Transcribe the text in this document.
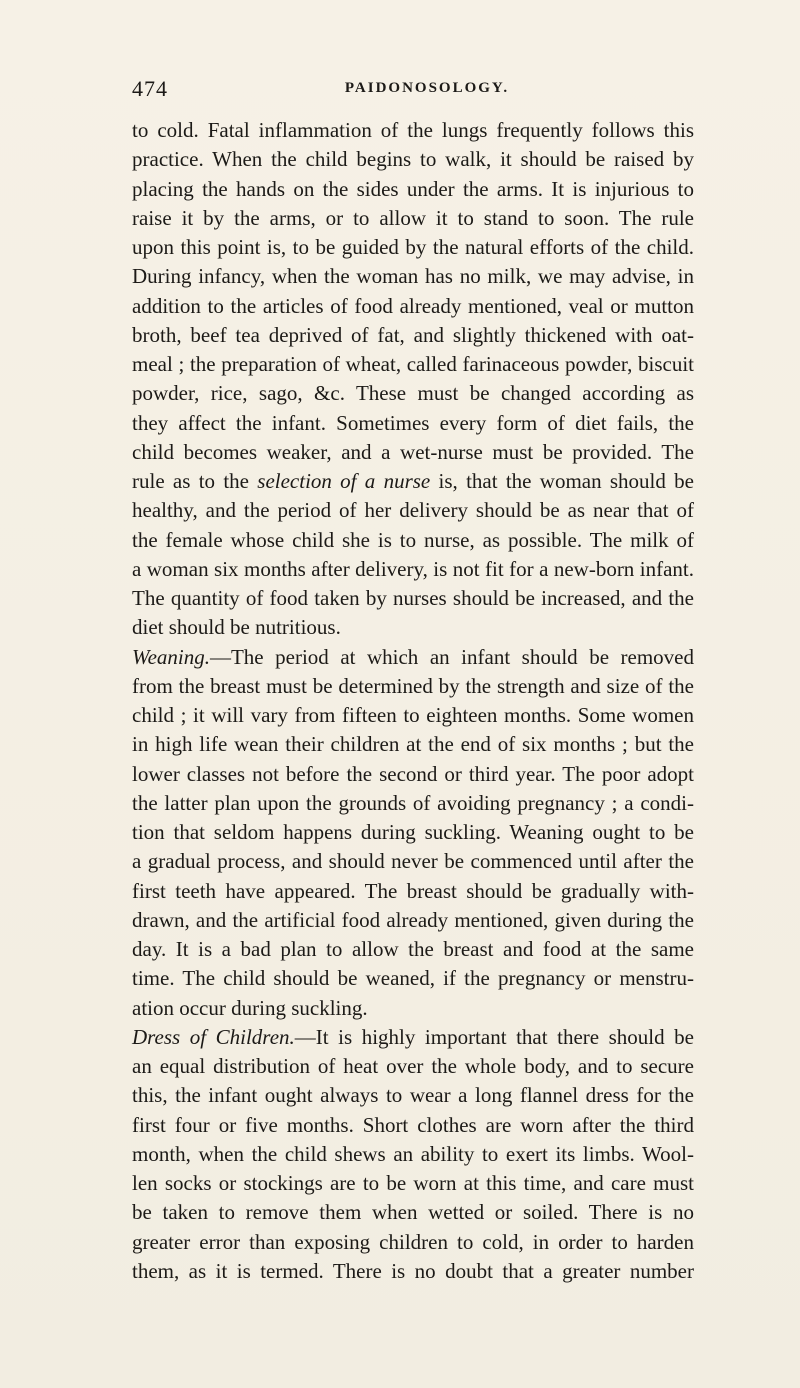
474	PAIDONOSOLOGY.

to cold. Fatal inflammation of the lungs frequently follows this

practice. When the child begins to walk, it should be raised by

placing the hands on the sides under the arms. It is injurious to

raise it by the arms, or to allow it to stand to soon. The rule

upon this point is, to be guided by the natural efforts of the child.

During infancy, when the woman has no milk, we may advise, in

addition to the articles of food already mentioned, veal or mutton

broth, beef tea deprived of fat, and slightly thickened with oat-

meal ; the preparation of wheat, called farinaceous powder, biscuit

powder, rice, sago, &c. These must be changed according as

they affect the infant. Sometimes every form of diet fails, the

child becomes weaker, and a wet-nurse must be provided. The

rule as to the selection of a nurse is, that the woman should be

healthy, and the period of her delivery should be as near that of

the female whose child she is to nurse, as possible. The milk of

a woman six months after delivery, is not fit for a new-born infant.

The quantity of food taken by nurses should be increased, and the

diet should be nutritious.

Weaning.—The period at which an infant should be removed

from the breast must be determined by the strength and size of the

child ; it will vary from fifteen to eighteen months. Some women

in high life wean their children at the end of six months ; but the

lower classes not before the second or third year. The poor adopt

the latter plan upon the grounds of avoiding pregnancy ; a condi-

tion that seldom happens during suckling. Weaning ought to be

a gradual process, and should never be commenced until after the

first teeth have appeared. The breast should be gradually with-

drawn, and the artificial food already mentioned, given during the

day. It is a bad plan to allow the breast and food at the same

time. The child should be weaned, if the pregnancy or menstru-

ation occur during suckling.

Dress of Children.—It is highly important that there should be

an equal distribution of heat over the whole body, and to secure

this, the infant ought always to wear a long flannel dress for the

first four or five months. Short clothes are worn after the third

month, when the child shews an ability to exert its limbs. Wool-

len socks or stockings are to be worn at this time, and care must

be taken to remove them when wetted or soiled. There is no

greater error than exposing children to cold, in order to harden

them, as it is termed. There is no doubt that a greater number
